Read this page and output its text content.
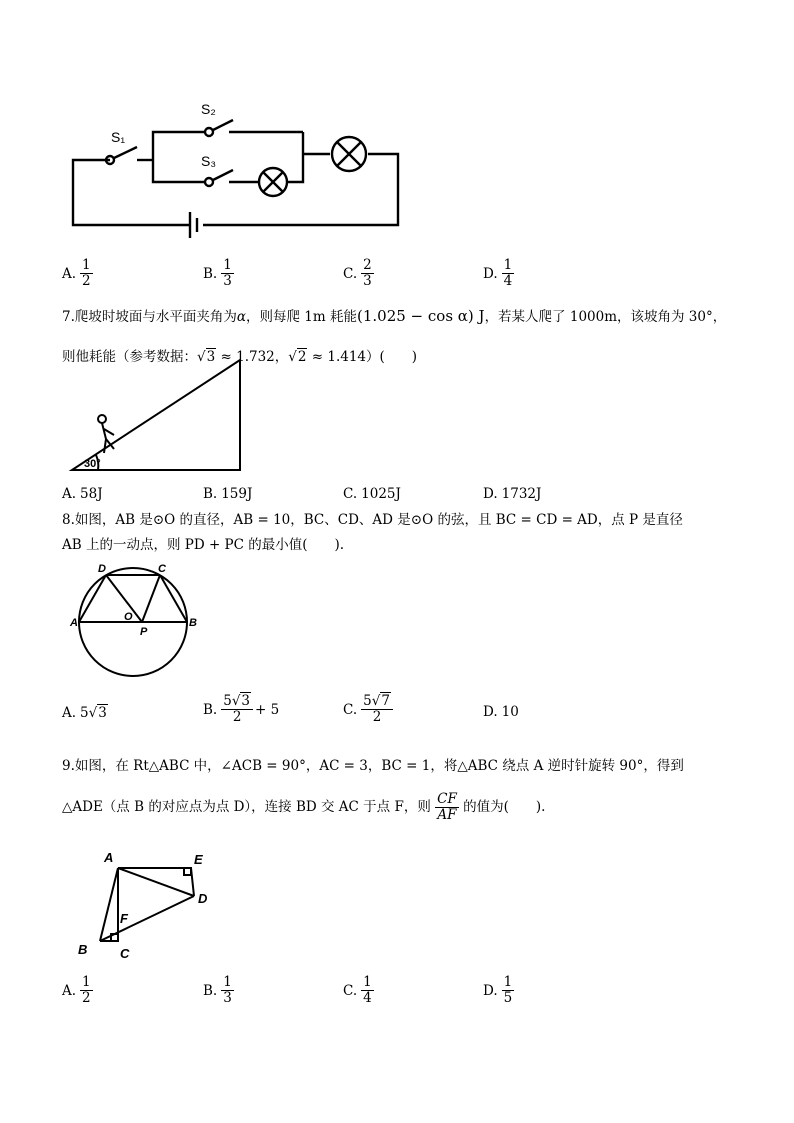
S₁
S₂
S₃
A. $\frac{1}{2}$	B. $\frac{1}{3}$	C. $\frac{2}{3}$	D. $\frac{1}{4}$
7.爬坡时坡面与水平面夹角为α，则每爬 1m 耗能(1.025 − cos α) J，若某人爬了 1000m，该坡角为 30°，
则他耗能（参考数据：√3 ≈ 1.732，√2 ≈ 1.414）(　　)
30°
A. 58J	B. 159J	C. 1025J	D. 1732J
8.如图，AB 是⊙O 的直径，AB = 10，BC、CD、AD 是⊙O 的弦，且 BC = CD = AD，点 P 是直径
AB 上的一动点，则 PD + PC 的最小值(　　).
A	B
C
D
O
P
A. 5 √ 3	B. $\frac{5√3}{2} + 5$	C. $\frac{5√7}{2}$	D. 10
9.如图，在 Rt△ABC 中，∠ACB = 90°，AC = 3，BC = 1，将△ABC 绕点 A 逆时针旋转 90°，得到
△ADE（点 B 的对应点为点 D），连接 BD 交 AC 于点 F，则 $\frac{CF}{AF}$ 的值为(　　).
A	E
D
F
B	C
A. $\frac{1}{2}$	B. $\frac{1}{3}$	C. $\frac{1}{4}$	D. $\frac{1}{5}$
